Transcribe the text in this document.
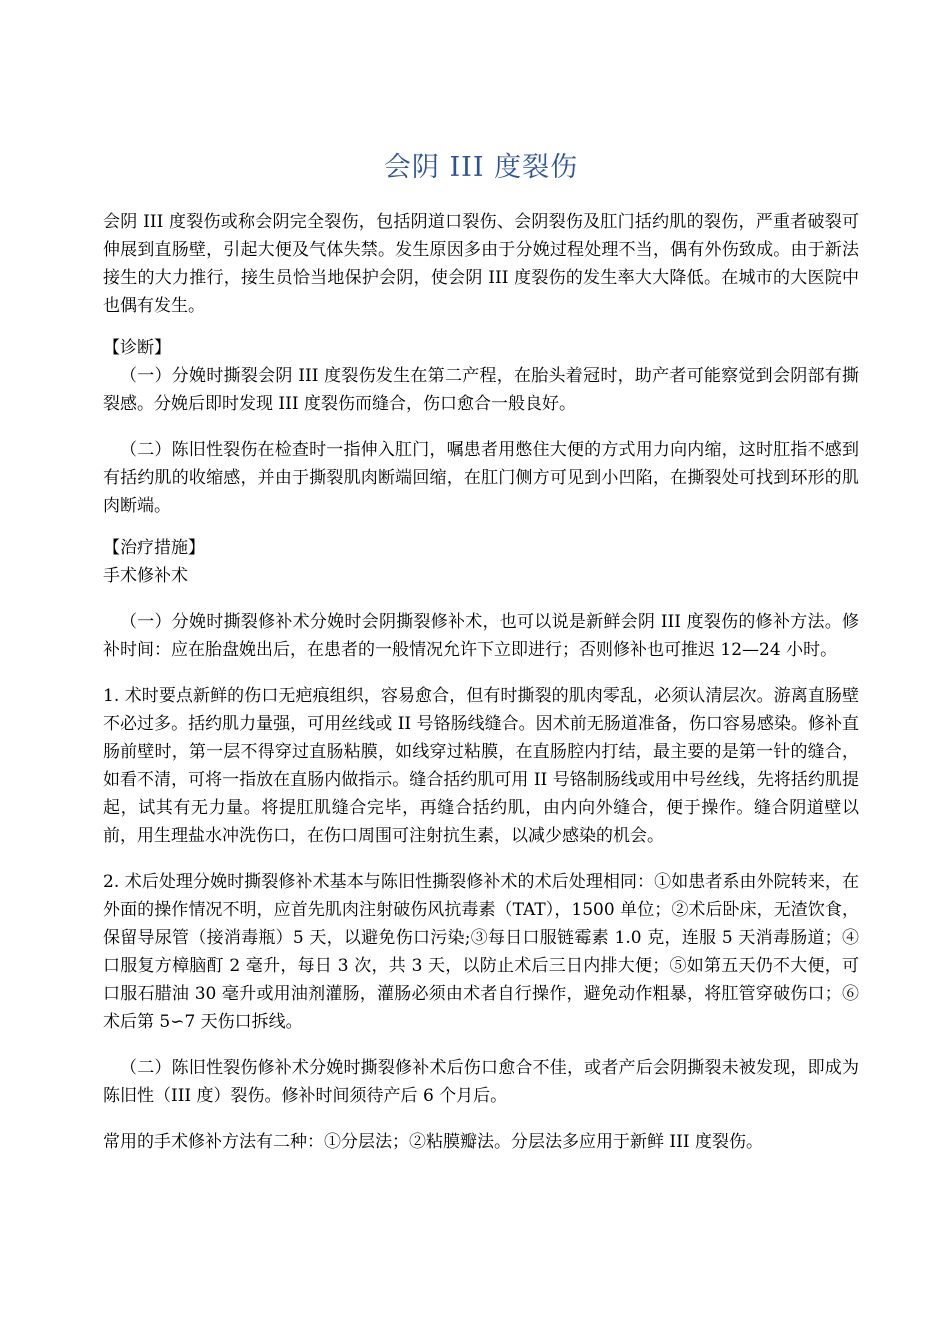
会阴 III 度裂伤

会阴 III 度裂伤或称会阴完全裂伤，包括阴道口裂伤、会阴裂伤及肛门括约肌的裂伤，严重者破裂可伸展到直肠壁，引起大便及气体失禁。发生原因多由于分娩过程处理不当，偶有外伤致成。由于新法接生的大力推行，接生员恰当地保护会阴，使会阴 III 度裂伤的发生率大大降低。在城市的大医院中也偶有发生。

【诊断】

（一）分娩时撕裂会阴 III 度裂伤发生在第二产程，在胎头着冠时，助产者可能察觉到会阴部有撕裂感。分娩后即时发现 III 度裂伤而缝合，伤口愈合一般良好。

（二）陈旧性裂伤在检查时一指伸入肛门，嘱患者用憋住大便的方式用力向内缩，这时肛指不感到有括约肌的收缩感，并由于撕裂肌肉断端回缩，在肛门侧方可见到小凹陷，在撕裂处可找到环形的肌肉断端。

【治疗措施】

手术修补术

（一）分娩时撕裂修补术分娩时会阴撕裂修补术，也可以说是新鲜会阴 III 度裂伤的修补方法。修补时间：应在胎盘娩出后，在患者的一般情况允许下立即进行；否则修补也可推迟 12—24 小时。

1. 术时要点新鲜的伤口无疤痕组织，容易愈合，但有时撕裂的肌肉零乱，必须认清层次。游离直肠壁不必过多。括约肌力量强，可用丝线或 II 号铬肠线缝合。因术前无肠道准备，伤口容易感染。修补直肠前壁时，第一层不得穿过直肠粘膜，如线穿过粘膜，在直肠腔内打结，最主要的是第一针的缝合，如看不清，可将一指放在直肠内做指示。缝合括约肌可用 II 号铬制肠线或用中号丝线，先将括约肌提起，试其有无力量。将提肛肌缝合完毕，再缝合括约肌，由内向外缝合，便于操作。缝合阴道壁以前，用生理盐水冲洗伤口，在伤口周围可注射抗生素，以减少感染的机会。

2. 术后处理分娩时撕裂修补术基本与陈旧性撕裂修补术的术后处理相同：①如患者系由外院转来，在外面的操作情况不明，应首先肌肉注射破伤风抗毒素（TAT），1500 单位；②术后卧床，无渣饮食，保留导尿管（接消毒瓶）5 天，以避免伤口污染;③每日口服链霉素 1.0 克，连服 5 天消毒肠道；④口服复方樟脑酊 2 毫升，每日 3 次，共 3 天，以防止术后三日内排大便；⑤如第五天仍不大便，可口服石腊油 30 毫升或用油剂灌肠，灌肠必须由术者自行操作，避免动作粗暴，将肛管穿破伤口；⑥术后第 5∽7 天伤口拆线。

（二）陈旧性裂伤修补术分娩时撕裂修补术后伤口愈合不佳，或者产后会阴撕裂未被发现，即成为陈旧性（III 度）裂伤。修补时间须待产后 6 个月后。

常用的手术修补方法有二种：①分层法；②粘膜瓣法。分层法多应用于新鲜 III 度裂伤。
